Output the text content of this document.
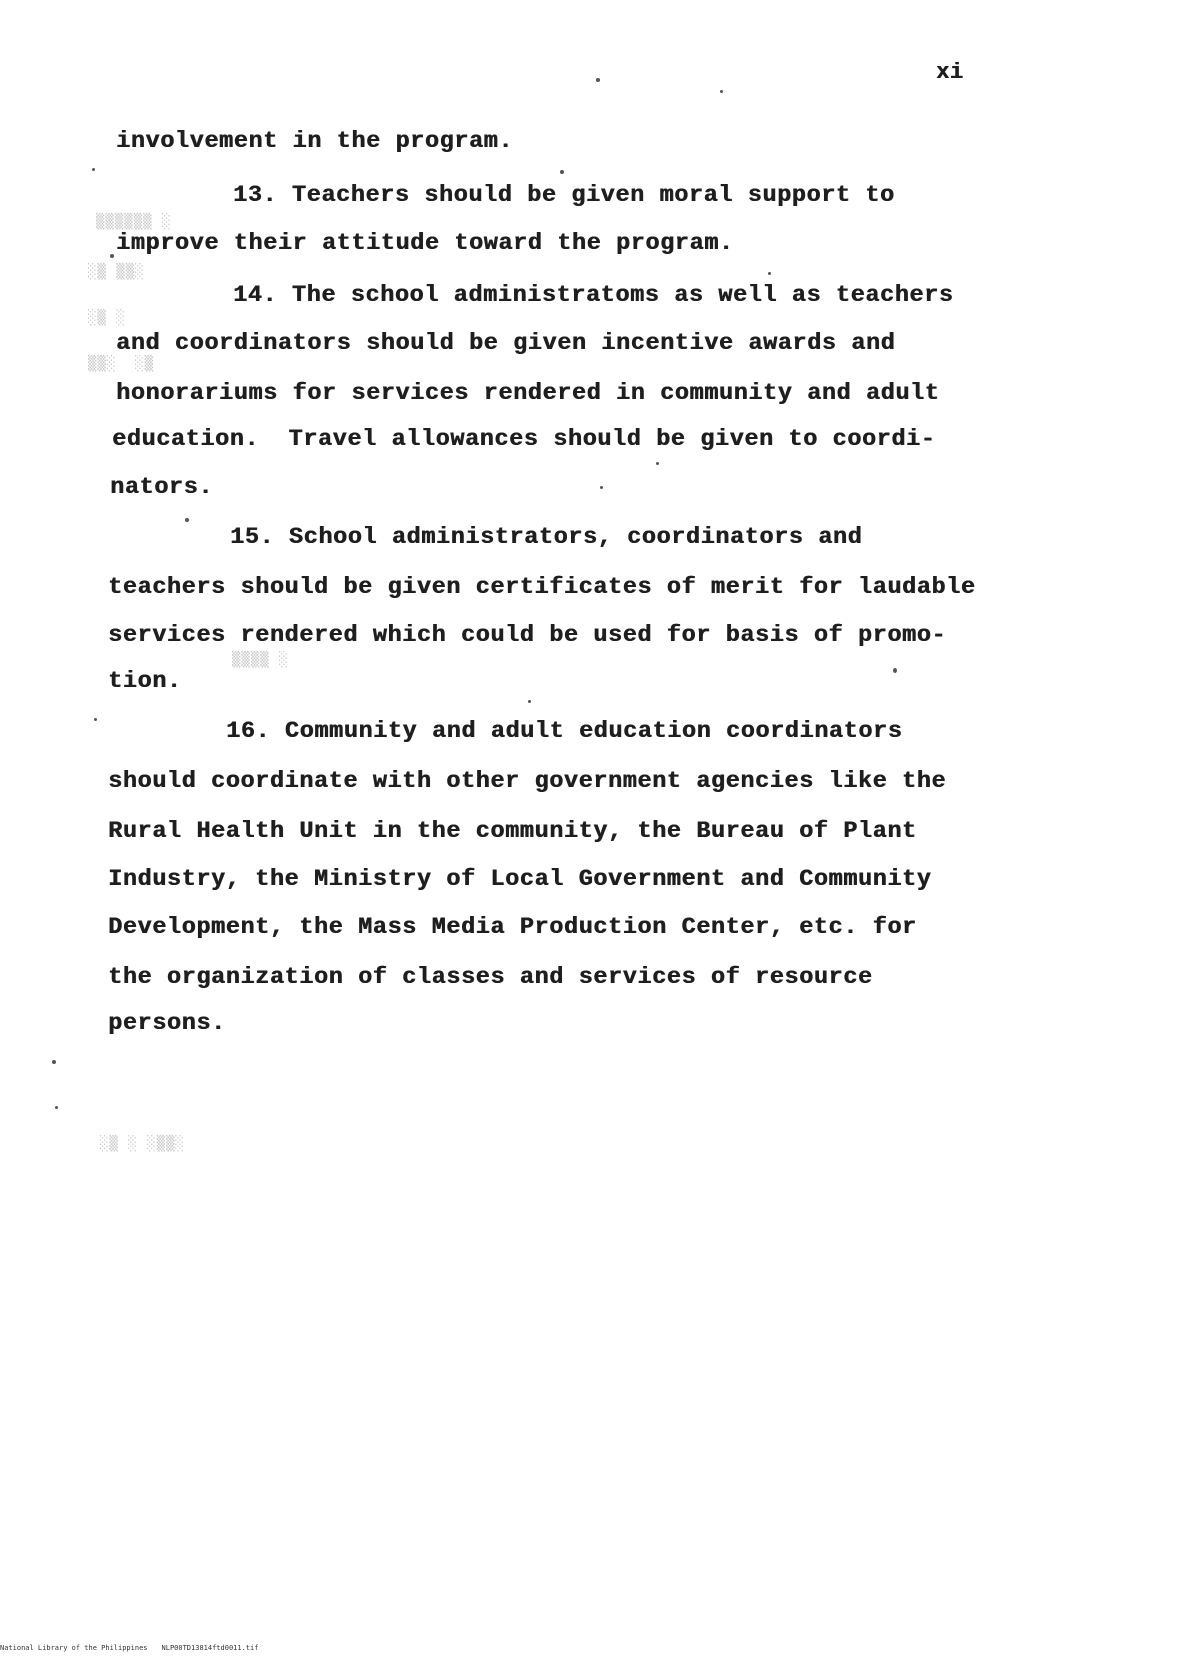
xi
involvement in the program.
13. Teachers should be given moral support to
improve their attitude toward the program.
14. The school administratoms as well as teachers
and coordinators should be given incentive awards and
honorariums for services rendered in community and adult
education.  Travel allowances should be given to coordi-
nators.
15. School administrators, coordinators and
teachers should be given certificates of merit for laudable
services rendered which could be used for basis of promo-
tion.
16. Community and adult education coordinators
should coordinate with other government agencies like the
Rural Health Unit in the community, the Bureau of Plant
Industry, the Ministry of Local Government and Community
Development, the Mass Media Production Center, etc. for
the organization of classes and services of resource
persons.
▒▒▒▒▒▒ ░
░▒ ▒▒░
░▒ ░
▒▒░  ░▒
▒▒▒▒ ░
░▒ ░ ░▒▒░
National Library of the Philippines NLP00TD13814ftd0011.tif
